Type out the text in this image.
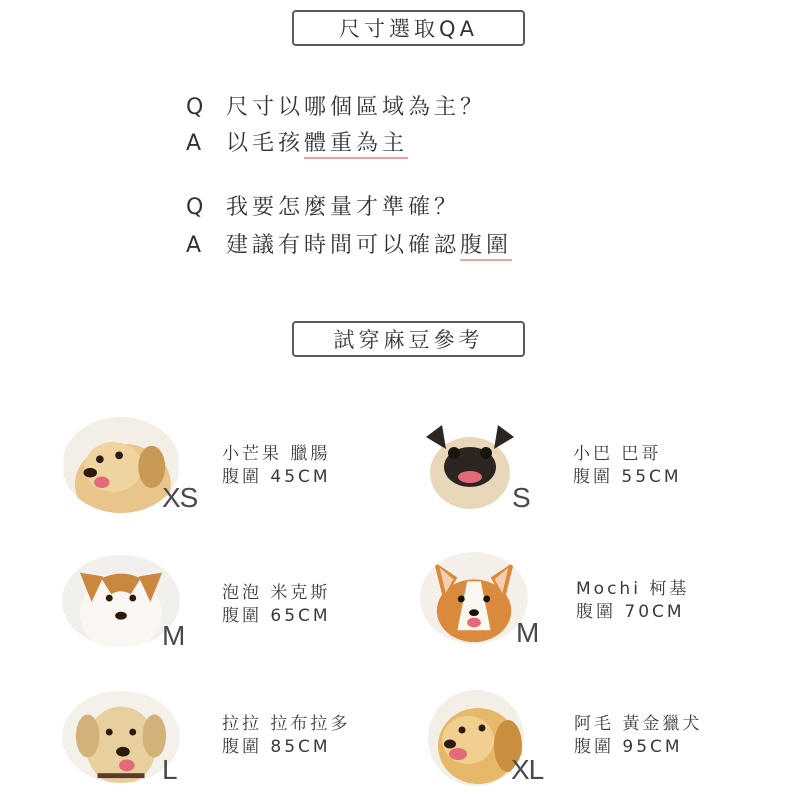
尺寸選取QA
Q 尺寸以哪個區域為主？
A 以毛孩體重為主
Q 我要怎麼量才準確？
A 建議有時間可以確認腹圍
試穿麻豆參考
XS
小芒果 臘腸
腹圍 45CM
S
小巴 巴哥
腹圍 55CM
M
泡泡 米克斯
腹圍 65CM
M
Mochi 柯基
腹圍 70CM
L
拉拉 拉布拉多
腹圍 85CM
XL
阿毛 黃金獵犬
腹圍 95CM
